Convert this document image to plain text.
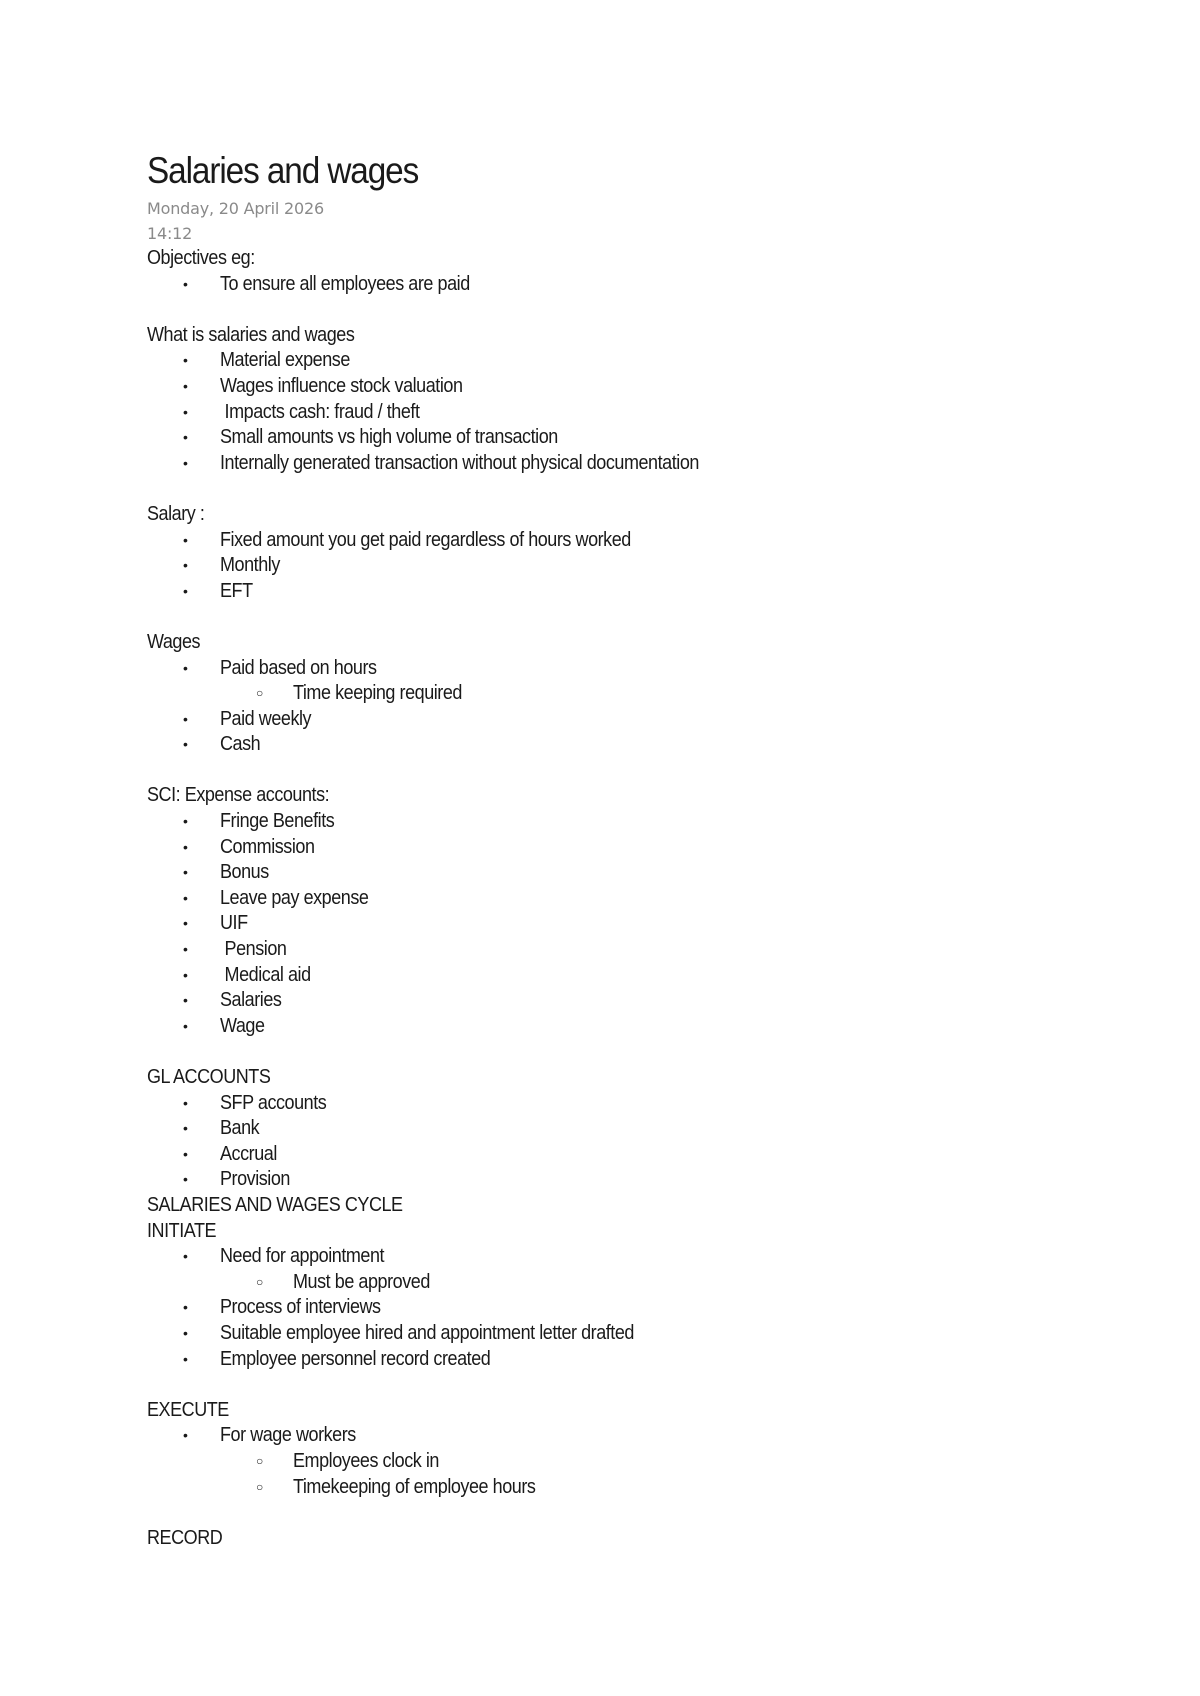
Salaries and wages
Monday, 20 April 2026
14:12
Objectives eg:
• To ensure all employees are paid
What is salaries and wages
• Material expense
• Wages influence stock valuation
• Impacts cash: fraud / theft
• Small amounts vs high volume of transaction
• Internally generated transaction without physical documentation
Salary :
• Fixed amount you get paid regardless of hours worked
• Monthly
• EFT
Wages
• Paid based on hours
○ Time keeping required
• Paid weekly
• Cash
SCI: Expense accounts:
• Fringe Benefits
• Commission
• Bonus
• Leave pay expense
• UIF
• Pension
• Medical aid
• Salaries
• Wage
GL ACCOUNTS
• SFP accounts
• Bank
• Accrual
• Provision
SALARIES AND WAGES CYCLE
INITIATE
• Need for appointment
○ Must be approved
• Process of interviews
• Suitable employee hired and appointment letter drafted
• Employee personnel record created
EXECUTE
• For wage workers
○ Employees clock in
○ Timekeeping of employee hours
RECORD
